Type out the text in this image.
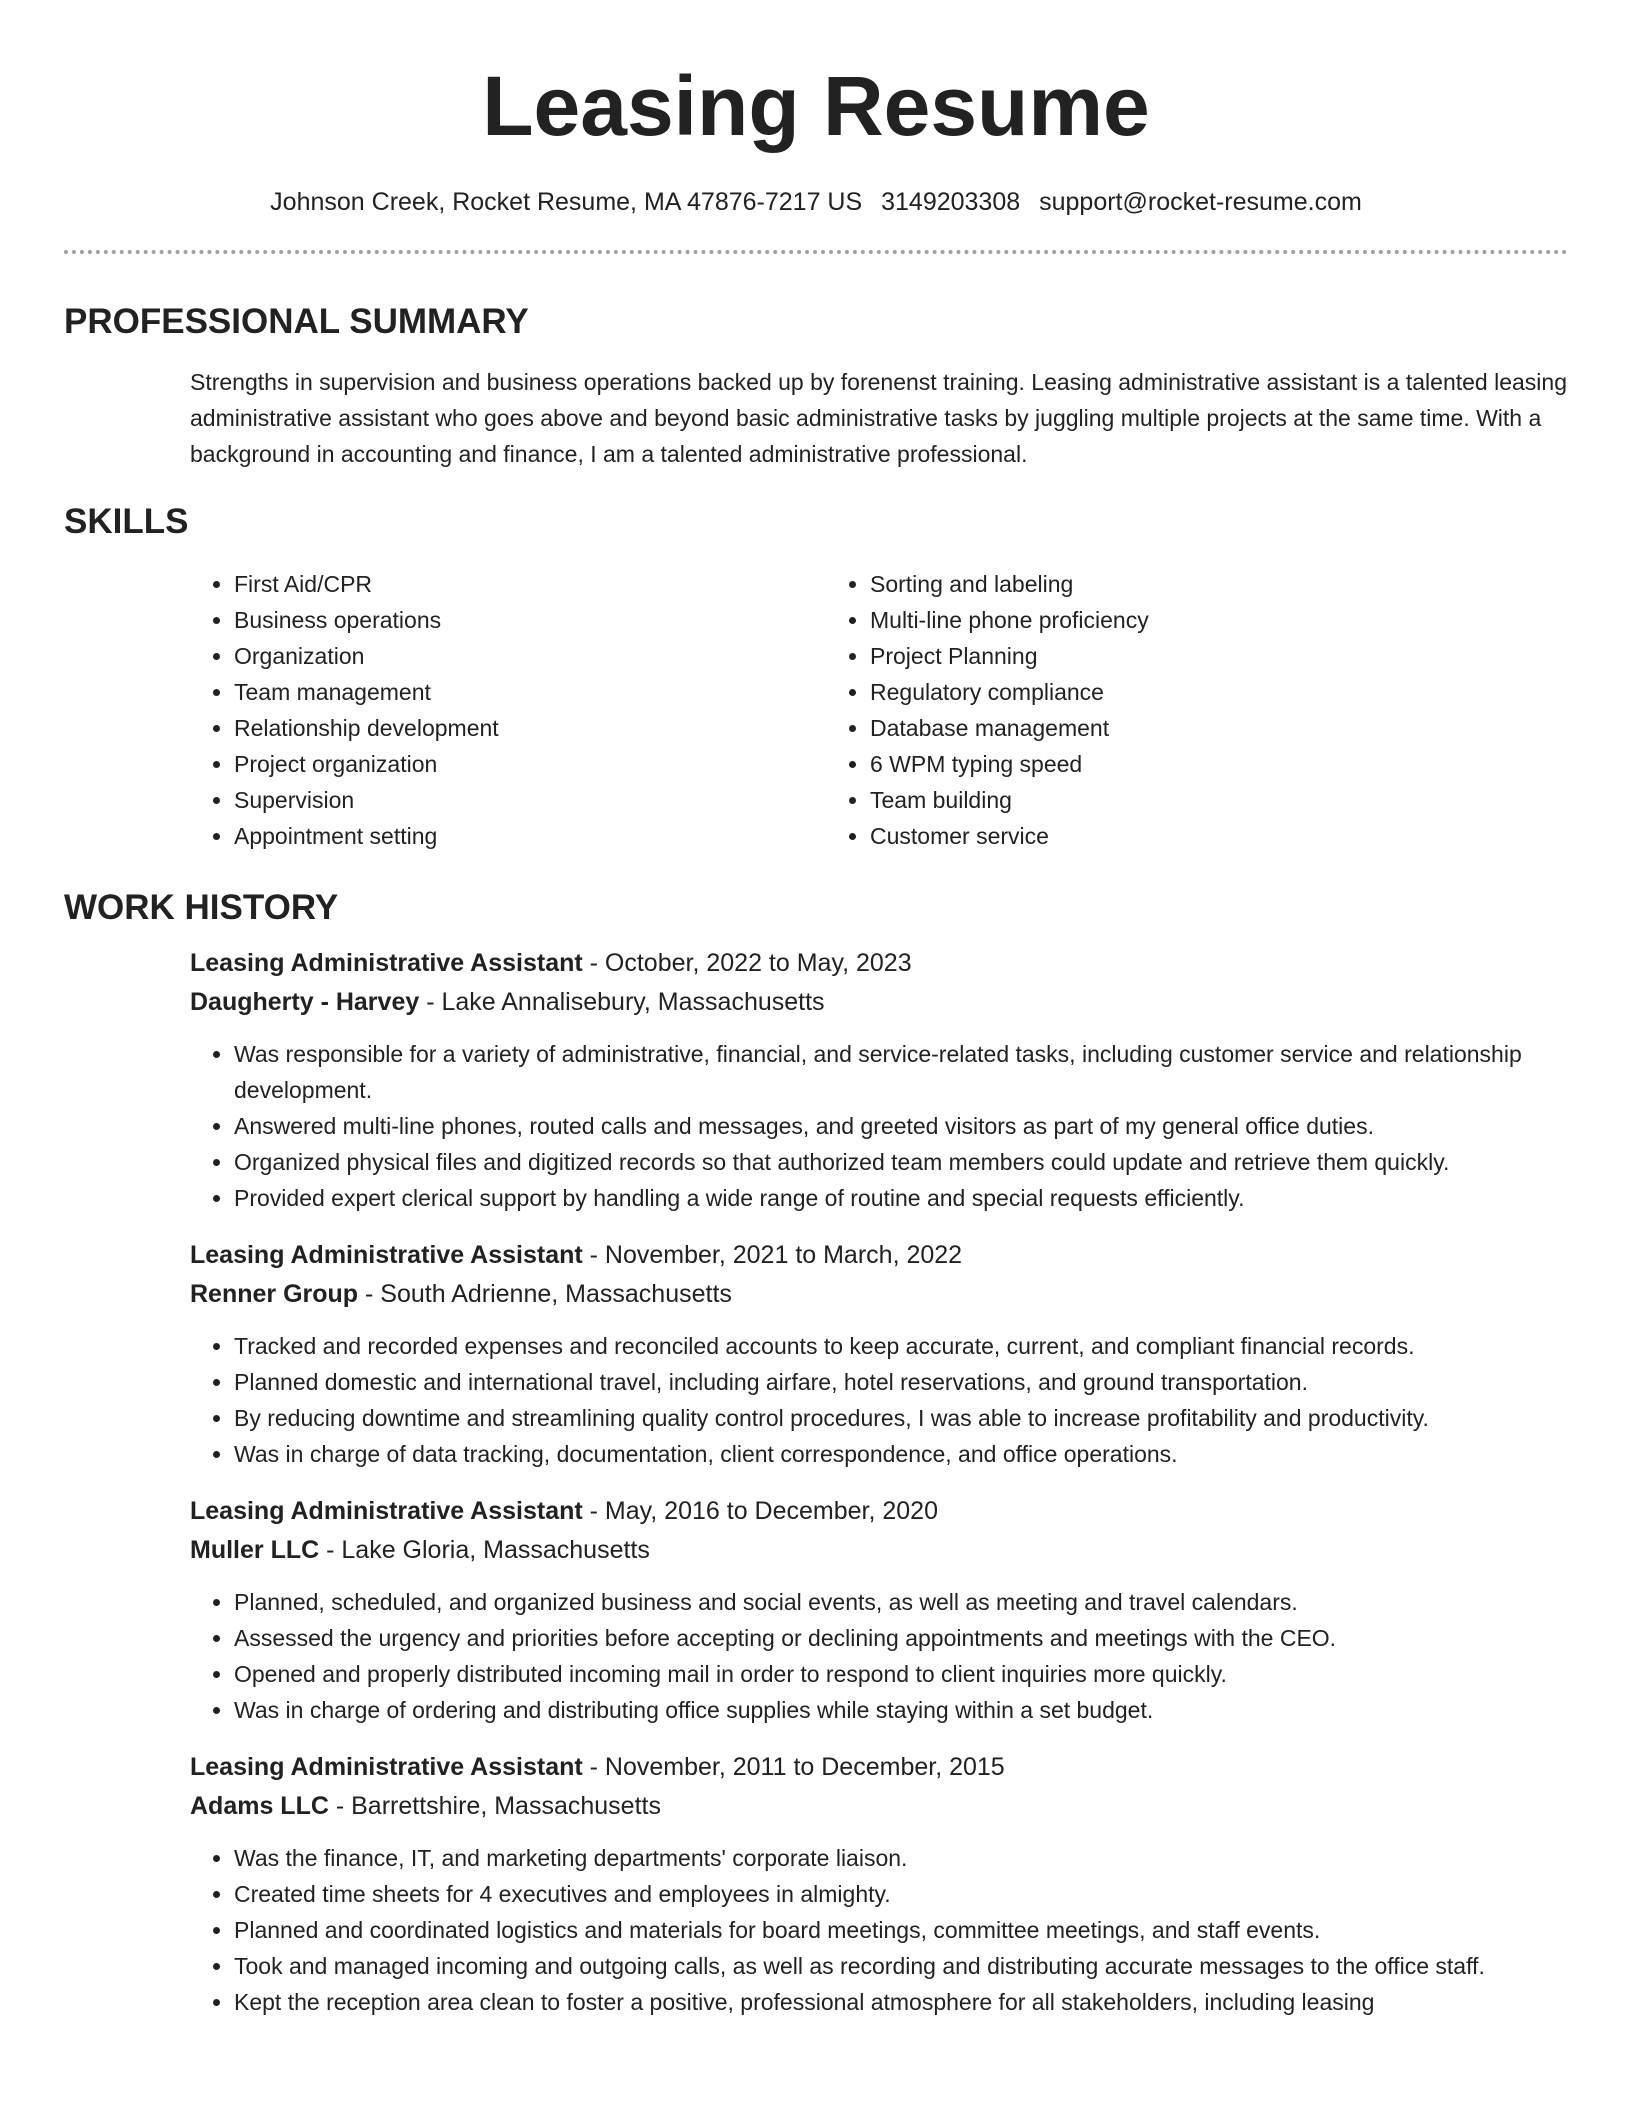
Leasing Resume
Johnson Creek, Rocket Resume, MA 47876-7217 US 3149203308 support@rocket-resume.com
PROFESSIONAL SUMMARY

Strengths in supervision and business operations backed up by forenenst training. Leasing administrative assistant is a talented leasing administrative assistant who goes above and beyond basic administrative tasks by juggling multiple projects at the same time. With a background in accounting and finance, I am a talented administrative professional.

SKILLS
• First Aid/CPR
• Business operations
• Organization
• Team management
• Relationship development
• Project organization
• Supervision
• Appointment setting
• Sorting and labeling
• Multi-line phone proficiency
• Project Planning
• Regulatory compliance
• Database management
• 6 WPM typing speed
• Team building
• Customer service
WORK HISTORY
Leasing Administrative Assistant - October, 2022 to May, 2023
Daugherty - Harvey - Lake Annalisebury, Massachusetts
• Was responsible for a variety of administrative, financial, and service-related tasks, including customer service and relationship development.
• Answered multi-line phones, routed calls and messages, and greeted visitors as part of my general office duties.
• Organized physical files and digitized records so that authorized team members could update and retrieve them quickly.
• Provided expert clerical support by handling a wide range of routine and special requests efficiently.
Leasing Administrative Assistant - November, 2021 to March, 2022
Renner Group - South Adrienne, Massachusetts
• Tracked and recorded expenses and reconciled accounts to keep accurate, current, and compliant financial records.
• Planned domestic and international travel, including airfare, hotel reservations, and ground transportation.
• By reducing downtime and streamlining quality control procedures, I was able to increase profitability and productivity.
• Was in charge of data tracking, documentation, client correspondence, and office operations.
Leasing Administrative Assistant - May, 2016 to December, 2020
Muller LLC - Lake Gloria, Massachusetts
• Planned, scheduled, and organized business and social events, as well as meeting and travel calendars.
• Assessed the urgency and priorities before accepting or declining appointments and meetings with the CEO.
• Opened and properly distributed incoming mail in order to respond to client inquiries more quickly.
• Was in charge of ordering and distributing office supplies while staying within a set budget.
Leasing Administrative Assistant - November, 2011 to December, 2015
Adams LLC - Barrettshire, Massachusetts
• Was the finance, IT, and marketing departments' corporate liaison.
• Created time sheets for 4 executives and employees in almighty.
• Planned and coordinated logistics and materials for board meetings, committee meetings, and staff events.
• Took and managed incoming and outgoing calls, as well as recording and distributing accurate messages to the office staff.
• Kept the reception area clean to foster a positive, professional atmosphere for all stakeholders, including leasing
